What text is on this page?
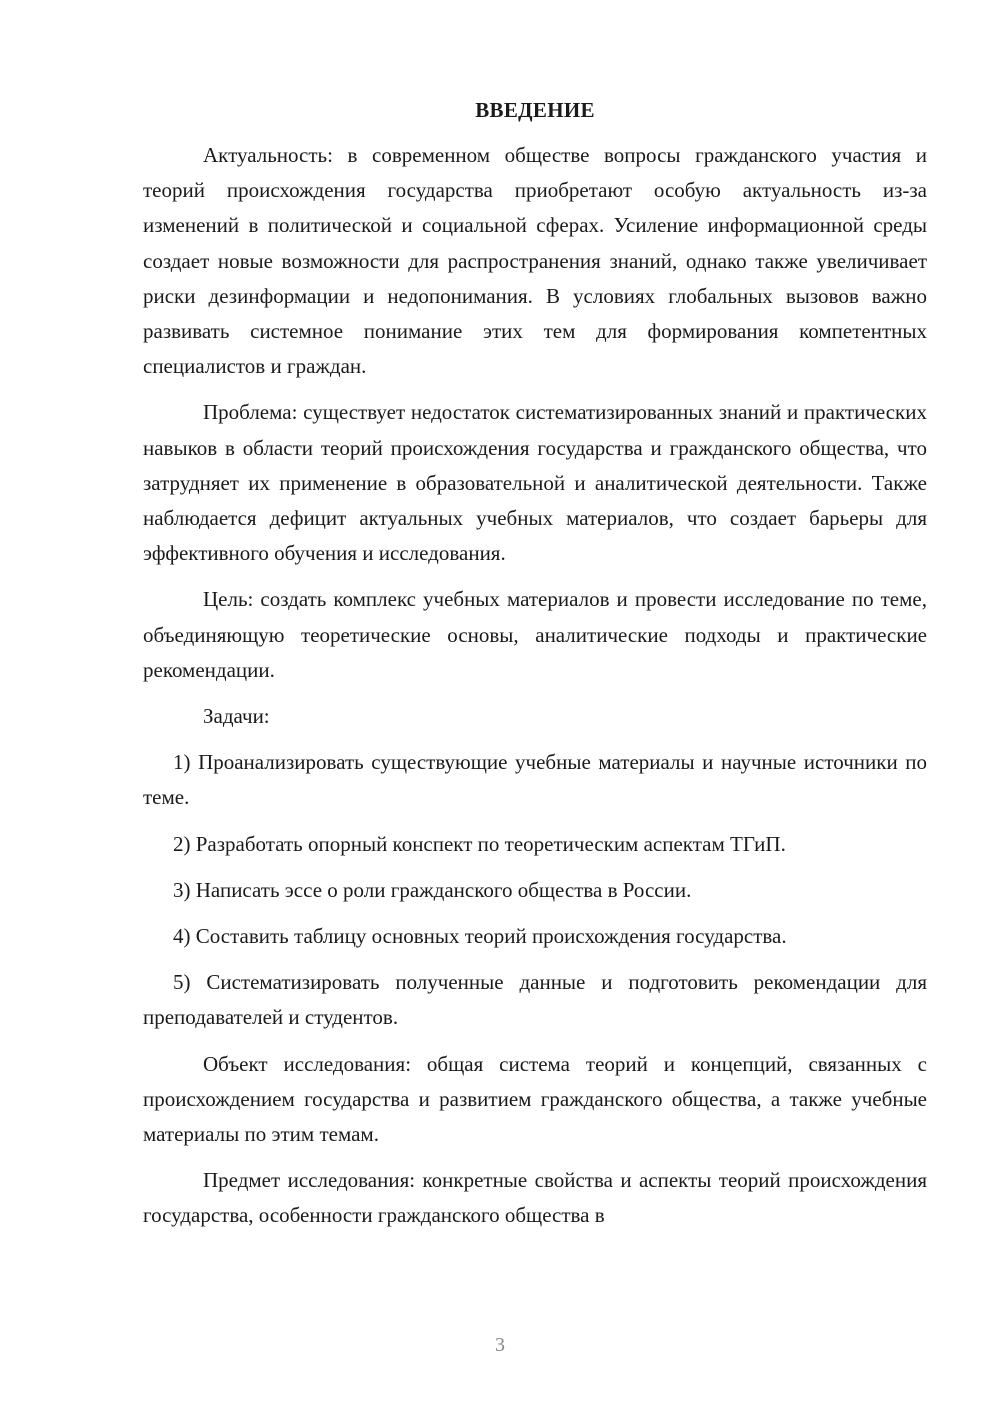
ВВЕДЕНИЕ

Актуальность: в современном обществе вопросы гражданского участия и теорий происхождения государства приобретают особую актуальность из-за изменений в политической и социальной сферах. Усиление информационной среды создает новые возможности для распространения знаний, однако также увеличивает риски дезинформации и недопонимания. В условиях глобальных вызовов важно развивать системное понимание этих тем для формирования компетентных специалистов и граждан.

Проблема: существует недостаток систематизированных знаний и практических навыков в области теорий происхождения государства и гражданского общества, что затрудняет их применение в образовательной и аналитической деятельности. Также наблюдается дефицит актуальных учебных материалов, что создает барьеры для эффективного обучения и исследования.

Цель: создать комплекс учебных материалов и провести исследование по теме, объединяющую теоретические основы, аналитические подходы и практические рекомендации.

Задачи:

1) Проанализировать существующие учебные материалы и научные источники по теме.

2) Разработать опорный конспект по теоретическим аспектам ТГиП.

3) Написать эссе о роли гражданского общества в России.

4) Составить таблицу основных теорий происхождения государства.

5) Систематизировать полученные данные и подготовить рекомендации для преподавателей и студентов.

Объект исследования: общая система теорий и концепций, связанных с происхождением государства и развитием гражданского общества, а также учебные материалы по этим темам.

Предмет исследования: конкретные свойства и аспекты теорий происхождения государства, особенности гражданского общества в

3
